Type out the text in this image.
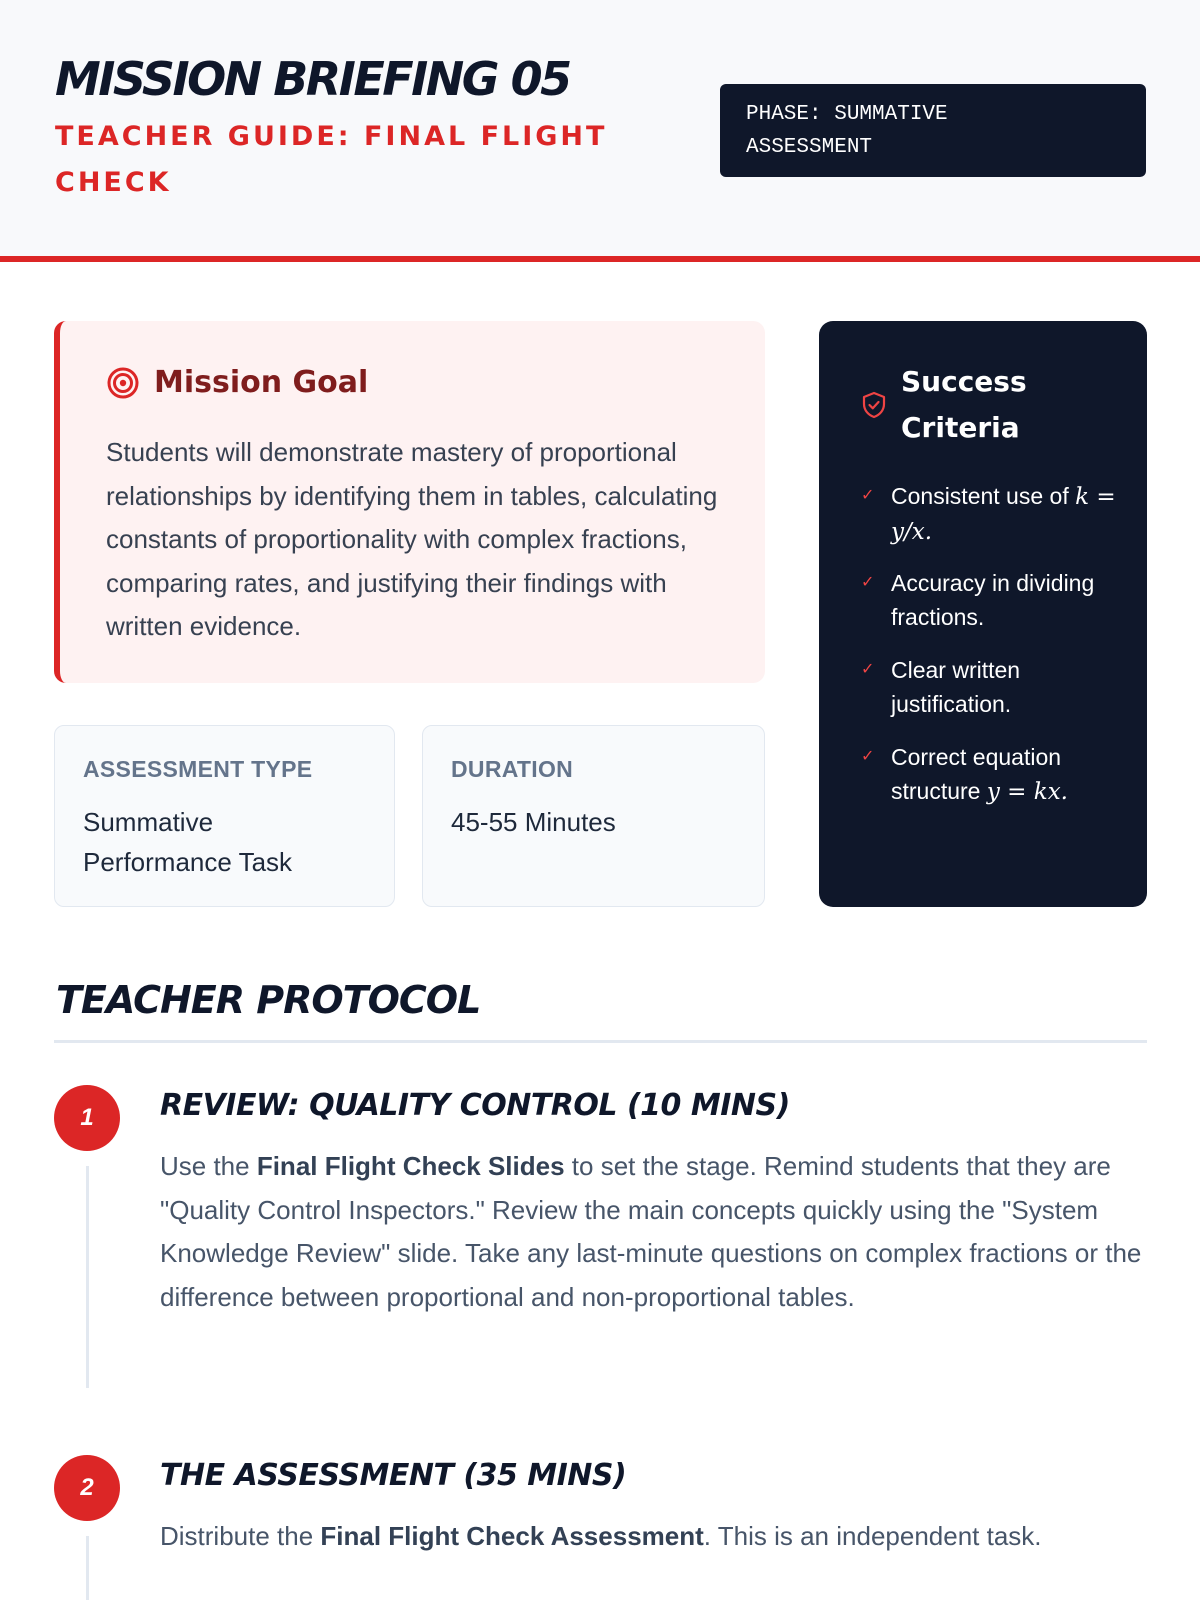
MISSION BRIEFING 05

TEACHER GUIDE: FINAL FLIGHT CHECK

PHASE: SUMMATIVE
ASSESSMENT
Mission Goal

Students will demonstrate mastery of proportional relationships by identifying them in tables, calculating constants of proportionality with complex fractions, comparing rates, and justifying their findings with written evidence.

ASSESSMENT TYPE

Summative Performance Task

DURATION

45-55 Minutes

Success Criteria
✓ Consistent use of k = y/x.
✓ Accuracy in dividing fractions.
✓ Clear written justification.
✓ Correct equation structure y = kx.
TEACHER PROTOCOL
1	REVIEW: QUALITY CONTROL (10 MINS)

Use the Final Flight Check Slides to set the stage. Remind students that they are "Quality Control Inspectors." Review the main concepts quickly using the "System Knowledge Review" slide. Take any last-minute questions on complex fractions or the difference between proportional and non-proportional tables.

2	THE ASSESSMENT (35 MINS)

Distribute the Final Flight Check Assessment. This is an independent task.
